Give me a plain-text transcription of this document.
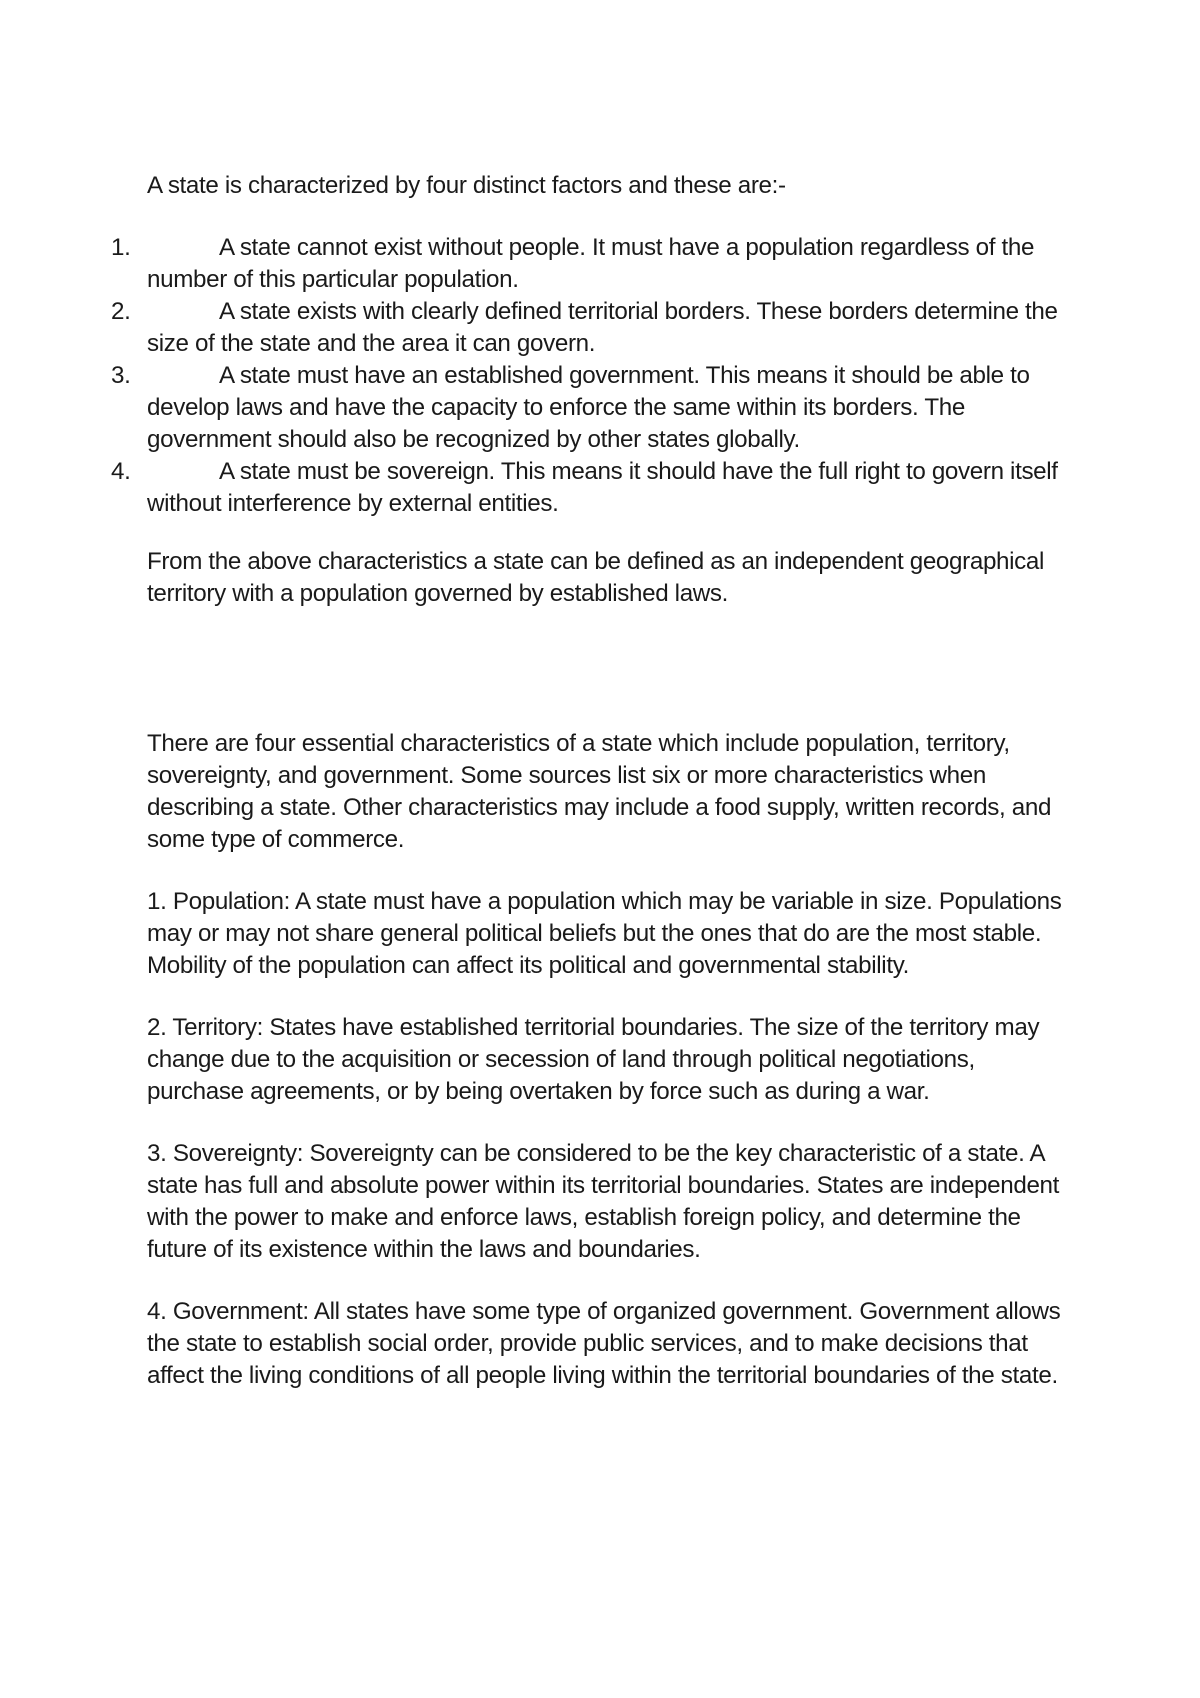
A state is characterized by four distinct factors and these are:-

1.	A state cannot exist without people. It must have a population regardless of the number of this particular population.
2.	A state exists with clearly defined territorial borders. These borders determine the size of the state and the area it can govern.
3.	A state must have an established government. This means it should be able to develop laws and have the capacity to enforce the same within its borders. The government should also be recognized by other states globally.
4.	A state must be sovereign. This means it should have the full right to govern itself without interference by external entities.

From the above characteristics a state can be defined as an independent geographical territory with a population governed by established laws.

There are four essential characteristics of a state which include population, territory, sovereignty, and government. Some sources list six or more characteristics when describing a state. Other characteristics may include a food supply, written records, and some type of commerce.

1. Population: A state must have a population which may be variable in size. Populations may or may not share general political beliefs but the ones that do are the most stable. Mobility of the population can affect its political and governmental stability.

2. Territory: States have established territorial boundaries. The size of the territory may change due to the acquisition or secession of land through political negotiations, purchase agreements, or by being overtaken by force such as during a war.

3. Sovereignty: Sovereignty can be considered to be the key characteristic of a state. A state has full and absolute power within its territorial boundaries. States are independent with the power to make and enforce laws, establish foreign policy, and determine the future of its existence within the laws and boundaries.

4. Government: All states have some type of organized government. Government allows the state to establish social order, provide public services, and to make decisions that affect the living conditions of all people living within the territorial boundaries of the state.
